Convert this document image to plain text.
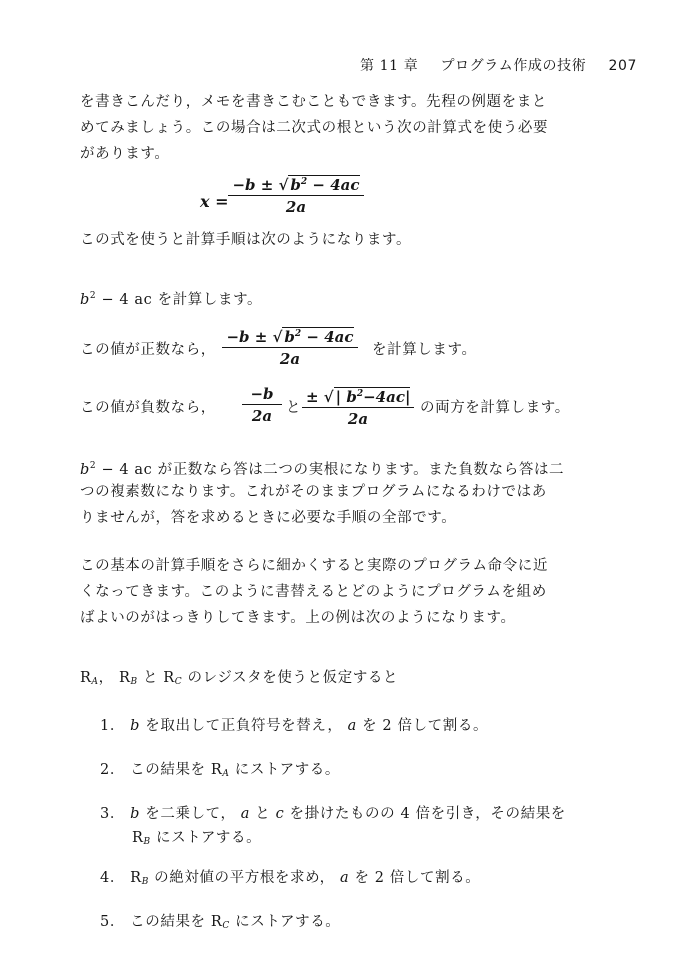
第 11 章 プログラム作成の技術 207
を書きこんだり，メモを書きこむこともできます。先程の例題をまと
めてみましょう。この場合は二次式の根という次の計算式を使う必要
があります。
$x = \frac{-b \pm √ b^2 - 4ac}{2a}$
この式を使うと計算手順は次のようになります。
$b^2 - 4$ ac を計算します。
この値が正数なら， $\frac{-b \pm √ b^2 - 4ac}{2a}$ を計算します。
この値が負数なら， $\frac{-b}{2a}$ と $\frac{\pm √ | b^2-4ac|}{2a}$ の両方を計算します。
$b^2 - 4$ ac が正数なら答は二つの実根になります。また負数なら答は二
つの複素数になります。これがそのままプログラムになるわけではあ
りませんが，答を求めるときに必要な手順の全部です。
この基本の計算手順をさらに細かくすると実際のプログラム命令に近
くなってきます。このように書替えるとどのようにプログラムを組め
ばよいのがはっきりしてきます。上の例は次のようになります。
$R_A$， $R_B$ と $R_C$ のレジスタを使うと仮定すると
1． b を取出して正負符号を替え， a を 2 倍して割る。
2． この結果を $R_A$ にストアする。
3． b を二乗して， a と c を掛けたものの 4 倍を引き，その結果を
$R_B$ にストアする。
4． $R_B$ の絶対値の平方根を求め， a を 2 倍して割る。
5． この結果を $R_C$ にストアする。
